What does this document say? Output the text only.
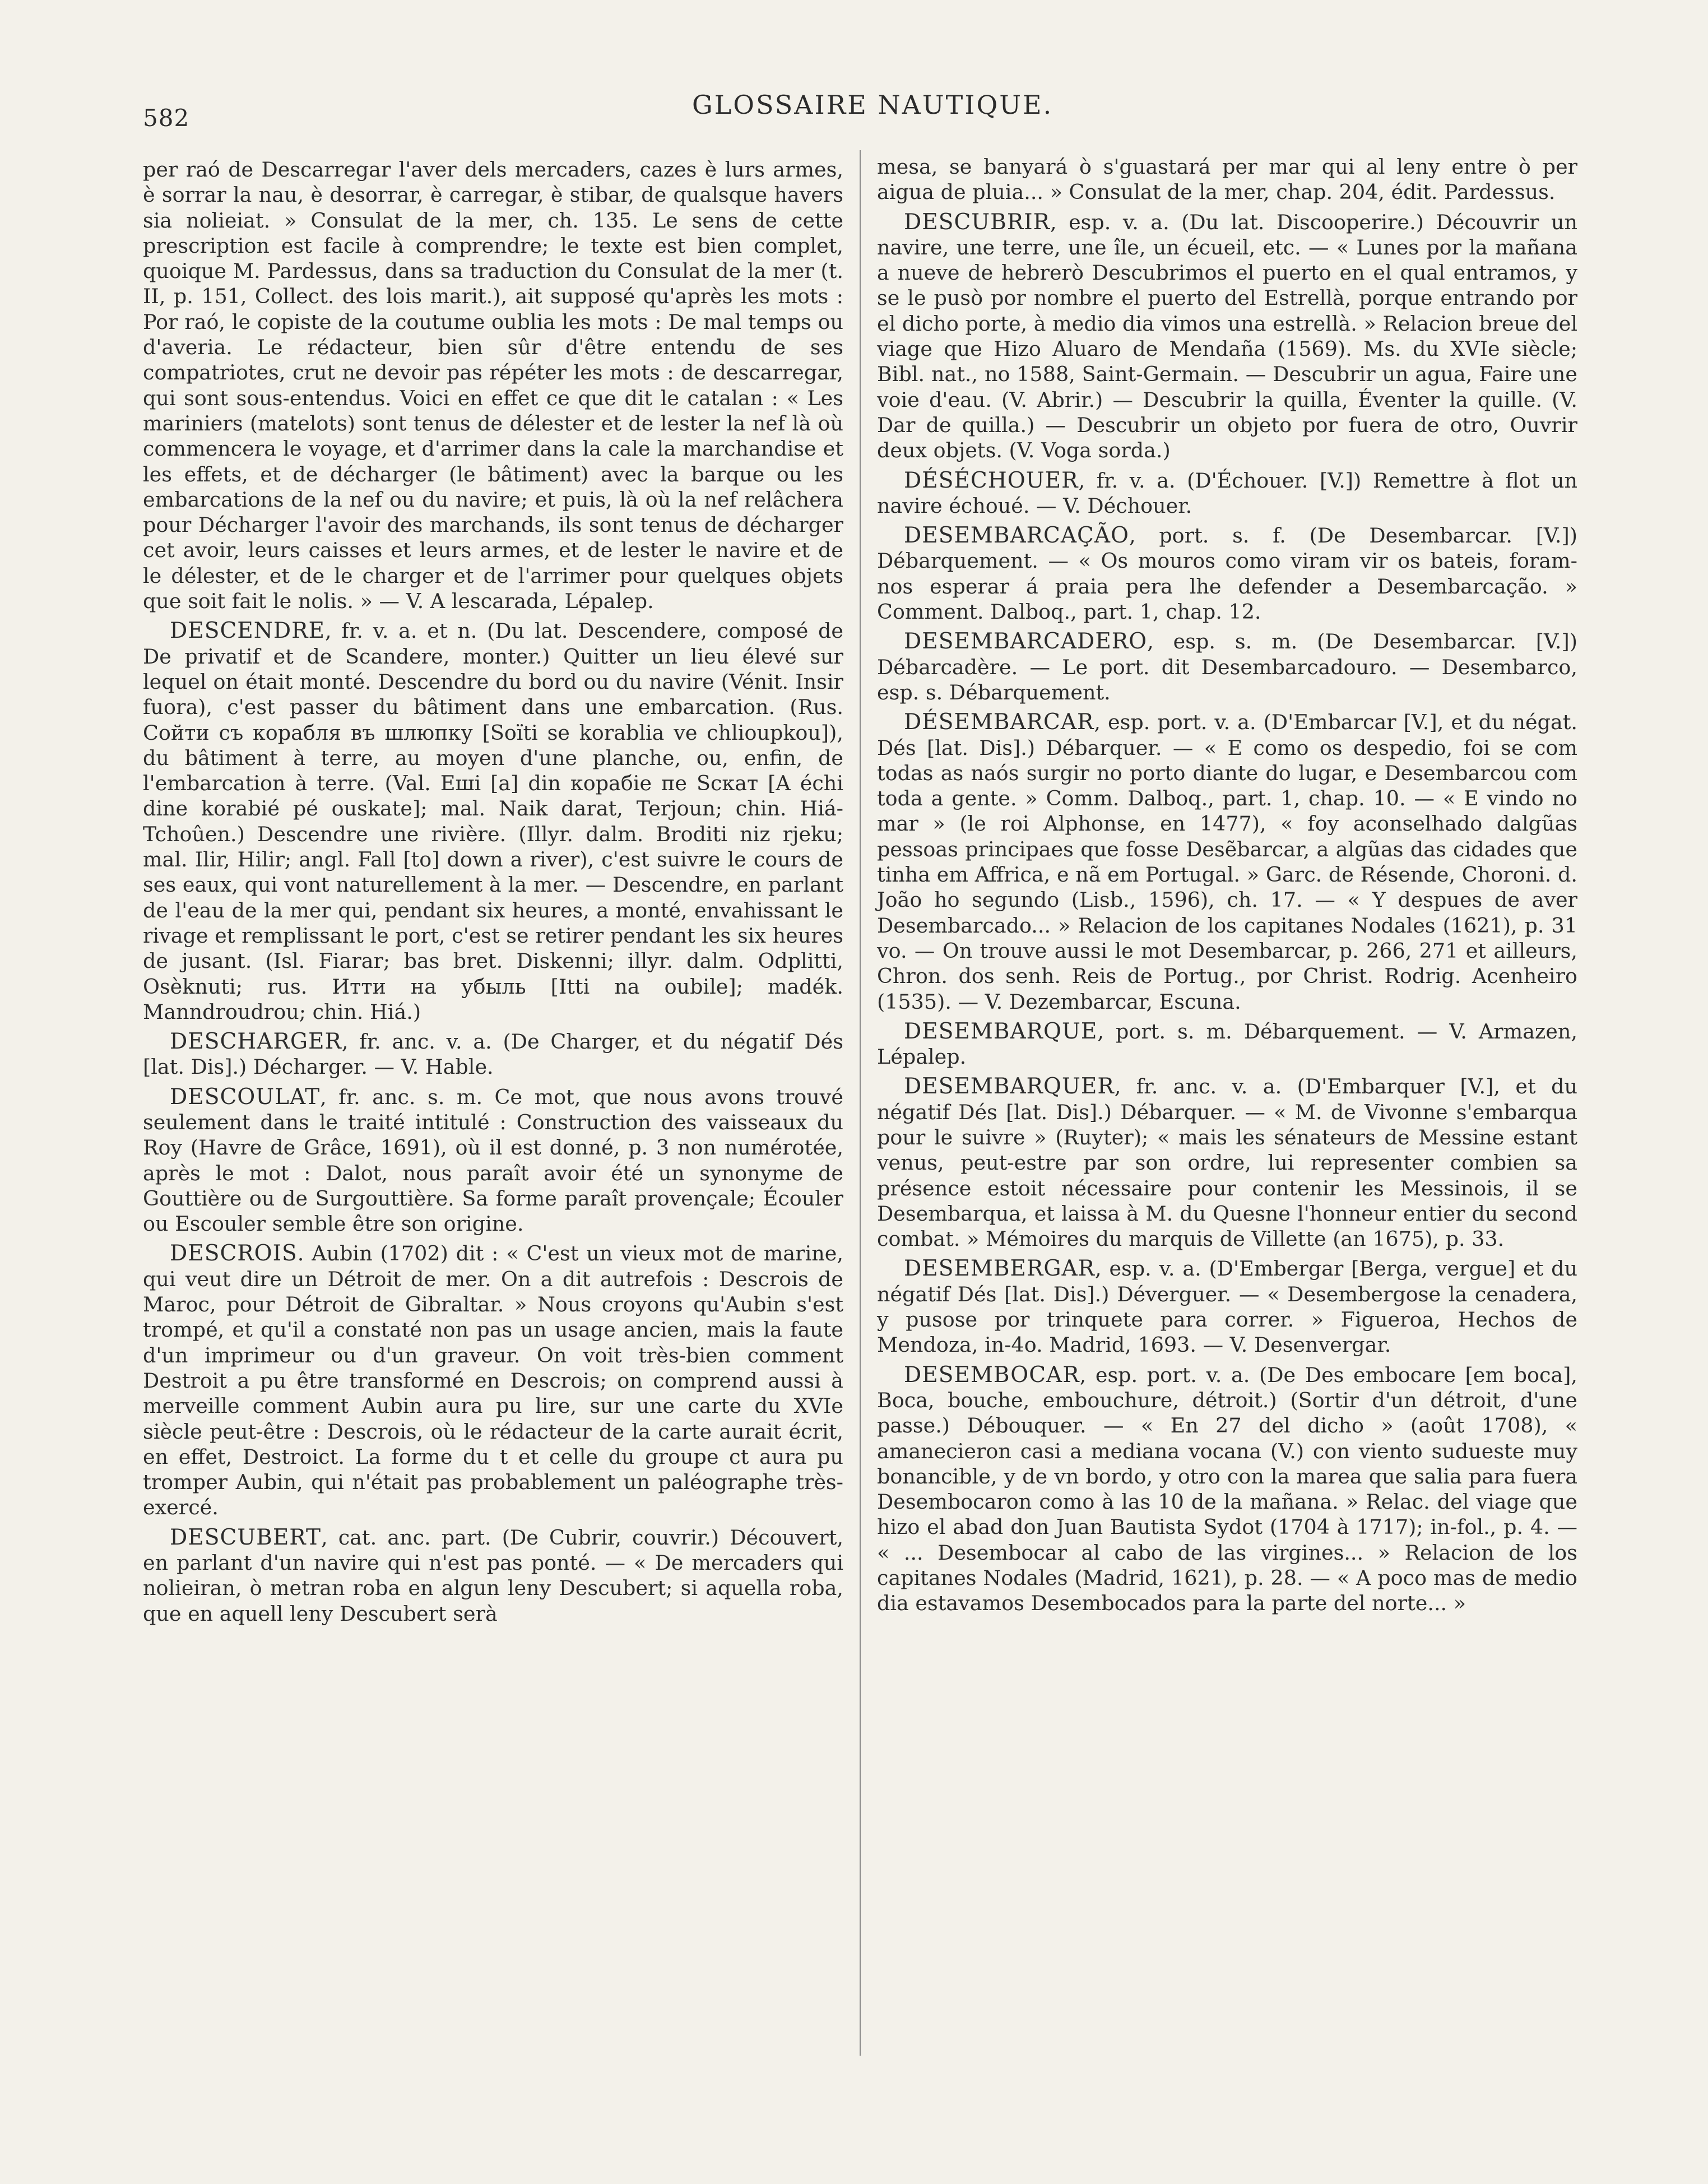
582	GLOSSAIRE NAUTIQUE.

per raó de Descarregar l'aver dels mercaders, cazes è lurs armes, è sorrar la nau, è desorrar, è carregar, è stibar, de qualsque havers sia nolieiat. » Consulat de la mer, ch. 135. Le sens de cette prescription est facile à comprendre; le texte est bien complet, quoique M. Pardessus, dans sa traduction du Consulat de la mer (t. II, p. 151, Collect. des lois marit.), ait supposé qu'après les mots : Por raó, le copiste de la coutume oublia les mots : De mal temps ou d'averia. Le rédacteur, bien sûr d'être entendu de ses compatriotes, crut ne devoir pas répéter les mots : de descarregar, qui sont sous-entendus. Voici en effet ce que dit le catalan : « Les mariniers (matelots) sont tenus de délester et de lester la nef là où commencera le voyage, et d'arrimer dans la cale la marchandise et les effets, et de décharger (le bâtiment) avec la barque ou les embarcations de la nef ou du navire; et puis, là où la nef relâchera pour Décharger l'avoir des marchands, ils sont tenus de décharger cet avoir, leurs caisses et leurs armes, et de lester le navire et de le délester, et de le charger et de l'arrimer pour quelques objets que soit fait le nolis. » — V. A lescarada, Lépalep.

DESCENDRE, fr. v. a. et n. (Du lat. Descendere, composé de De privatif et de Scandere, monter.) Quitter un lieu élevé sur lequel on était monté. Descendre du bord ou du navire (Vénit. Insir fuora), c'est passer du bâtiment dans une embarcation. (Rus. Сойти съ корабля въ шлюпку [Soïti se korablia ve chlioupkou]), du bâtiment à terre, au moyen d'une planche, ou, enfin, de l'embarcation à terre. (Val. Eшi [a] din корабie пe Scкaт [A échi dine korabié pé ouskate]; mal. Naik darat, Terjoun; chin. Hiá-Tchoûen.) Descendre une rivière. (Illyr. dalm. Broditi niz rjeku; mal. Ilir, Hilir; angl. Fall [to] down a river), c'est suivre le cours de ses eaux, qui vont naturellement à la mer. — Descendre, en parlant de l'eau de la mer qui, pendant six heures, a monté, envahissant le rivage et remplissant le port, c'est se retirer pendant les six heures de jusant. (Isl. Fiarar; bas bret. Diskenni; illyr. dalm. Odplitti, Osèknuti; rus. Итти на убыль [Itti na oubile]; madék. Manndroudrou; chin. Hiá.)

DESCHARGER, fr. anc. v. a. (De Charger, et du négatif Dés [lat. Dis].) Décharger. — V. Hable.

DESCOULAT, fr. anc. s. m. Ce mot, que nous avons trouvé seulement dans le traité intitulé : Construction des vaisseaux du Roy (Havre de Grâce, 1691), où il est donné, p. 3 non numérotée, après le mot : Dalot, nous paraît avoir été un synonyme de Gouttière ou de Surgouttière. Sa forme paraît provençale; Écouler ou Escouler semble être son origine.

DESCROIS. Aubin (1702) dit : « C'est un vieux mot de marine, qui veut dire un Détroit de mer. On a dit autrefois : Descrois de Maroc, pour Détroit de Gibraltar. » Nous croyons qu'Aubin s'est trompé, et qu'il a constaté non pas un usage ancien, mais la faute d'un imprimeur ou d'un graveur. On voit très-bien comment Destroit a pu être transformé en Descrois; on comprend aussi à merveille comment Aubin aura pu lire, sur une carte du XVIe siècle peut-être : Descrois, où le rédacteur de la carte aurait écrit, en effet, Destroict. La forme du t et celle du groupe ct aura pu tromper Aubin, qui n'était pas probablement un paléographe très-exercé.

DESCUBERT, cat. anc. part. (De Cubrir, couvrir.) Découvert, en parlant d'un navire qui n'est pas ponté. — « De mercaders qui nolieiran, ò metran roba en algun leny Descubert; si aquella roba, que en aquell leny Descubert serà

mesa, se banyará ò s'guastará per mar qui al leny entre ò per aigua de pluia... » Consulat de la mer, chap. 204, édit. Pardessus.

DESCUBRIR, esp. v. a. (Du lat. Discooperire.) Découvrir un navire, une terre, une île, un écueil, etc. — « Lunes por la mañana a nueve de hebrerò Descubrimos el puerto en el qual entramos, y se le pusò por nombre el puerto del Estrellà, porque entrando por el dicho porte, à medio dia vimos una estrellà. » Relacion breue del viage que Hizo Aluaro de Mendaña (1569). Ms. du XVIe siècle; Bibl. nat., no 1588, Saint-Germain. — Descubrir un agua, Faire une voie d'eau. (V. Abrir.) — Descubrir la quilla, Éventer la quille. (V. Dar de quilla.) — Descubrir un objeto por fuera de otro, Ouvrir deux objets. (V. Voga sorda.)

DÉSÉCHOUER, fr. v. a. (D'Échouer. [V.]) Remettre à flot un navire échoué. — V. Déchouer.

DESEMBARCAÇÃO, port. s. f. (De Desembarcar. [V.]) Débarquement. — « Os mouros como viram vir os bateis, foram-nos esperar á praia pera lhe defender a Desembarcação. » Comment. Dalboq., part. 1, chap. 12.

DESEMBARCADERO, esp. s. m. (De Desembarcar. [V.]) Débarcadère. — Le port. dit Desembarcadouro. — Desembarco, esp. s. Débarquement.

DÉSEMBARCAR, esp. port. v. a. (D'Embarcar [V.], et du négat. Dés [lat. Dis].) Débarquer. — « E como os despedio, foi se com todas as naós surgir no porto diante do lugar, e Desembarcou com toda a gente. » Comm. Dalboq., part. 1, chap. 10. — « E vindo no mar » (le roi Alphonse, en 1477), « foy aconselhado dalgũas pessoas principaes que fosse Desẽbarcar, a algũas das cidades que tinha em Affrica, e nã em Portugal. » Garc. de Résende, Choroni. d. João ho segundo (Lisb., 1596), ch. 17. — « Y despues de aver Desembarcado... » Relacion de los capitanes Nodales (1621), p. 31 vo. — On trouve aussi le mot Desembarcar, p. 266, 271 et ailleurs, Chron. dos senh. Reis de Portug., por Christ. Rodrig. Acenheiro (1535). — V. Dezembarcar, Escuna.

DESEMBARQUE, port. s. m. Débarquement. — V. Armazen, Lépalep.

DESEMBARQUER, fr. anc. v. a. (D'Embarquer [V.], et du négatif Dés [lat. Dis].) Débarquer. — « M. de Vivonne s'embarqua pour le suivre » (Ruyter); « mais les sénateurs de Messine estant venus, peut-estre par son ordre, lui representer combien sa présence estoit nécessaire pour contenir les Messinois, il se Desembarqua, et laissa à M. du Quesne l'honneur entier du second combat. » Mémoires du marquis de Villette (an 1675), p. 33.

DESEMBERGAR, esp. v. a. (D'Embergar [Berga, vergue] et du négatif Dés [lat. Dis].) Déverguer. — « Desembergose la cenadera, y pusose por trinquete para correr. » Figueroa, Hechos de Mendoza, in-4o. Madrid, 1693. — V. Desenvergar.

DESEMBOCAR, esp. port. v. a. (De Des embocare [em boca], Boca, bouche, embouchure, détroit.) (Sortir d'un détroit, d'une passe.) Débouquer. — « En 27 del dicho » (août 1708), « amanecieron casi a mediana vocana (V.) con viento sudueste muy bonancible, y de vn bordo, y otro con la marea que salia para fuera Desembocaron como à las 10 de la mañana. » Relac. del viage que hizo el abad don Juan Bautista Sydot (1704 à 1717); in-fol., p. 4. — « ... Desembocar al cabo de las virgines... » Relacion de los capitanes Nodales (Madrid, 1621), p. 28. — « A poco mas de medio dia estavamos Desembocados para la parte del norte... »
